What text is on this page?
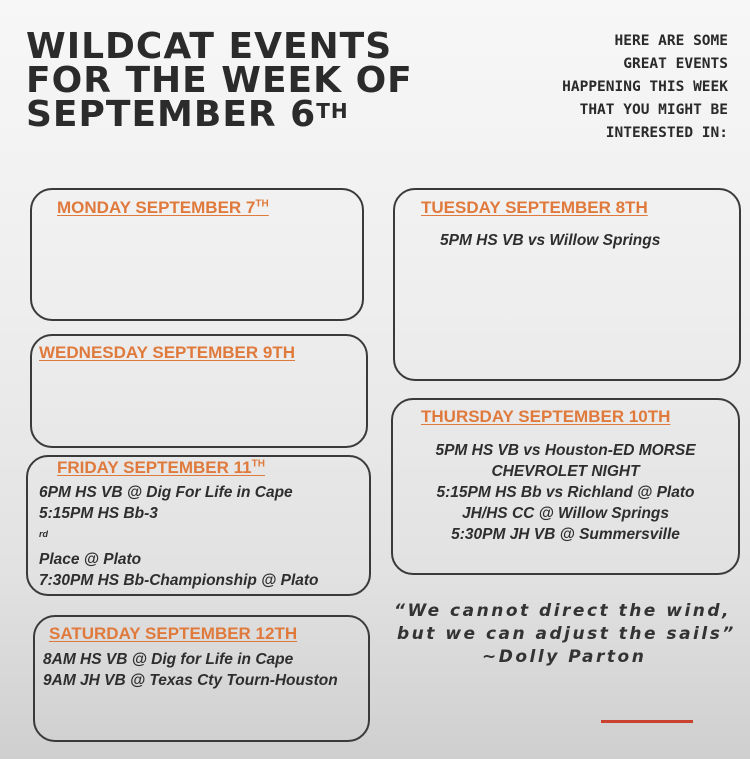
WILDCAT EVENTS
FOR THE WEEK OF
SEPTEMBER 6TH
HERE ARE SOME
GREAT EVENTS
HAPPENING THIS WEEK
THAT YOU MIGHT BE
INTERESTED IN:
MONDAY SEPTEMBER 7TH	TUESDAY SEPTEMBER 8TH
5PM HS VB vs Willow Springs
WEDNESDAY SEPTEMBER 9TH
THURSDAY SEPTEMBER 10TH
5PM HS VB vs Houston-ED MORSE
CHEVROLET NIGHT
5:15PM HS Bb vs Richland @ Plato
JH/HS CC @ Willow Springs
5:30PM JH VB @ Summersville
FRIDAY SEPTEMBER 11TH
6PM HS VB @ Dig For Life in Cape
5:15PM HS Bb-3
$^{rd}$
Place @ Plato
7:30PM HS Bb-Championship @ Plato
SATURDAY SEPTEMBER 12TH
8AM HS VB @ Dig for Life in Cape
9AM JH VB @ Texas Cty Tourn-Houston
“We cannot direct the wind,
but we can adjust the sails”
~Dolly Parton
